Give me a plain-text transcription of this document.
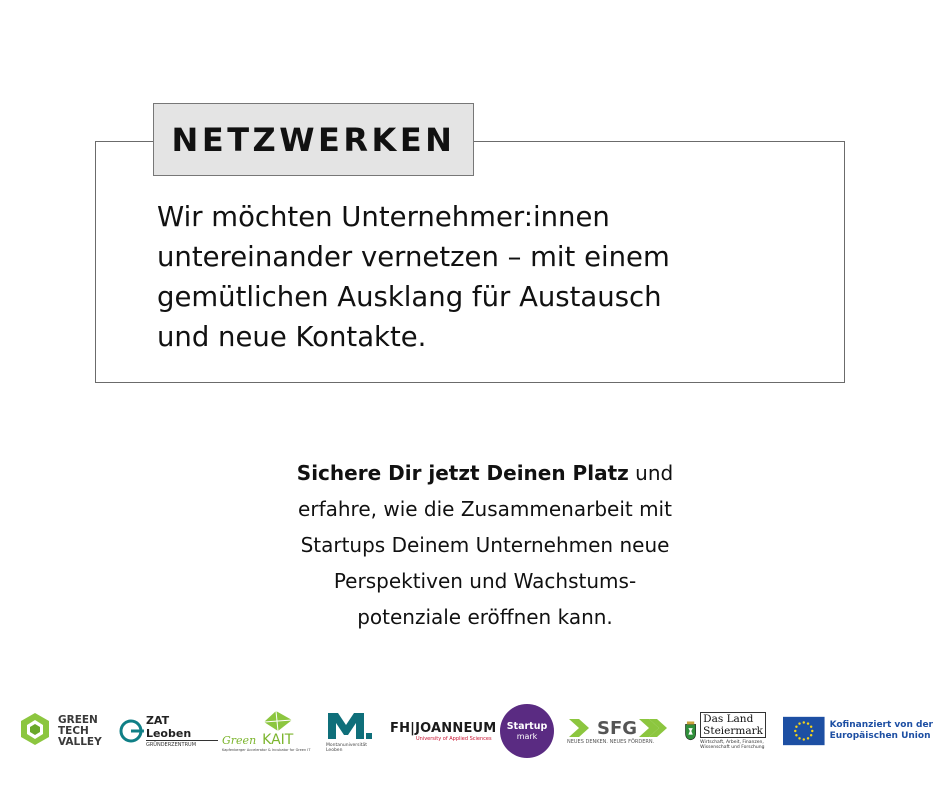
NETZWERKEN
Wir möchten Unternehmer:innen
untereinander vernetzen – mit einem
gemütlichen Ausklang für Austausch
und neue Kontakte.
Sichere Dir jetzt Deinen Platz und
erfahre, wie die Zusammenarbeit mit
Startups Deinem Unternehmen neue
Perspektiven und Wachstums-
potenziale eröffnen kann.
GREEN
TECH
VALLEY
ZAT Leoben
GRÜNDERZENTRUM	Green KAIT
Kapfenberger Accelerator & Incubator for Green IT
Montanuniversität
Leoben
FH|JOANNEUM
University of Applied Sciences
Startup
mark	SFG
NEUES DENKEN. NEUES FÖRDERN.
Das Land
Steiermark
Wirtschaft, Arbeit, Finanzen,
Wissenschaft und Forschung
Kofinanziert von der
Europäischen Union
